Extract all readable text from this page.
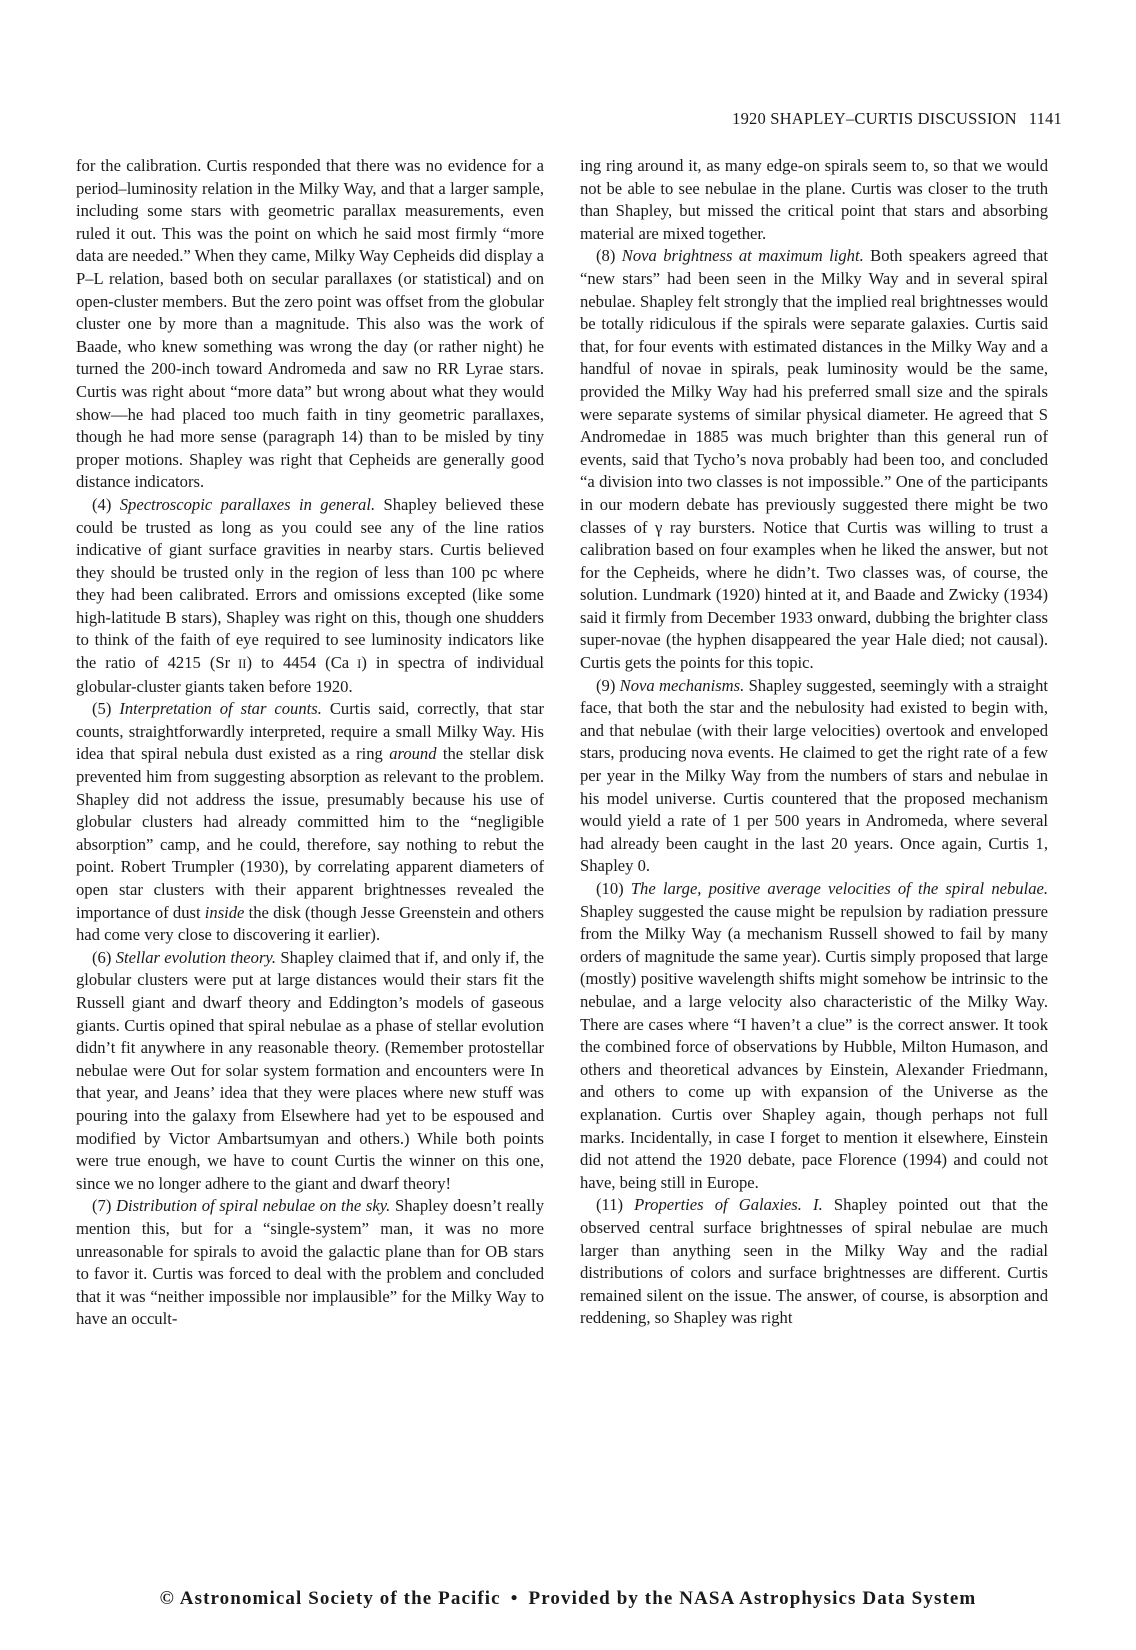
1920 SHAPLEY–CURTIS DISCUSSION 1141

for the calibration. Curtis responded that there was no evidence for a period–luminosity relation in the Milky Way, and that a larger sample, including some stars with geometric parallax measurements, even ruled it out. This was the point on which he said most firmly “more data are needed.” When they came, Milky Way Cepheids did display a P–L relation, based both on secular parallaxes (or statistical) and on open-cluster members. But the zero point was offset from the globular cluster one by more than a magnitude. This also was the work of Baade, who knew something was wrong the day (or rather night) he turned the 200-inch toward Andromeda and saw no RR Lyrae stars. Curtis was right about “more data” but wrong about what they would show—he had placed too much faith in tiny geometric parallaxes, though he had more sense (paragraph 14) than to be misled by tiny proper motions. Shapley was right that Cepheids are generally good distance indicators.

(4) Spectroscopic parallaxes in general. Shapley believed these could be trusted as long as you could see any of the line ratios indicative of giant surface gravities in nearby stars. Curtis believed they should be trusted only in the region of less than 100 pc where they had been calibrated. Errors and omissions excepted (like some high-latitude B stars), Shapley was right on this, though one shudders to think of the faith of eye required to see luminosity indicators like the ratio of 4215 (Sr II) to 4454 (Ca I) in spectra of individual globular-cluster giants taken before 1920.

(5) Interpretation of star counts. Curtis said, correctly, that star counts, straightforwardly interpreted, require a small Milky Way. His idea that spiral nebula dust existed as a ring around the stellar disk prevented him from suggesting absorption as relevant to the problem. Shapley did not address the issue, presumably because his use of globular clusters had already committed him to the “negligible absorption” camp, and he could, therefore, say nothing to rebut the point. Robert Trumpler (1930), by correlating apparent diameters of open star clusters with their apparent brightnesses revealed the importance of dust inside the disk (though Jesse Greenstein and others had come very close to discovering it earlier).

(6) Stellar evolution theory. Shapley claimed that if, and only if, the globular clusters were put at large distances would their stars fit the Russell giant and dwarf theory and Eddington’s models of gaseous giants. Curtis opined that spiral nebulae as a phase of stellar evolution didn’t fit anywhere in any reasonable theory. (Remember protostellar nebulae were Out for solar system formation and encounters were In that year, and Jeans’ idea that they were places where new stuff was pouring into the galaxy from Elsewhere had yet to be espoused and modified by Victor Ambartsumyan and others.) While both points were true enough, we have to count Curtis the winner on this one, since we no longer adhere to the giant and dwarf theory!

(7) Distribution of spiral nebulae on the sky. Shapley doesn’t really mention this, but for a “single-system” man, it was no more unreasonable for spirals to avoid the galactic plane than for OB stars to favor it. Curtis was forced to deal with the problem and concluded that it was “neither impossible nor implausible” for the Milky Way to have an occult-

ing ring around it, as many edge-on spirals seem to, so that we would not be able to see nebulae in the plane. Curtis was closer to the truth than Shapley, but missed the critical point that stars and absorbing material are mixed together.

(8) Nova brightness at maximum light. Both speakers agreed that “new stars” had been seen in the Milky Way and in several spiral nebulae. Shapley felt strongly that the implied real brightnesses would be totally ridiculous if the spirals were separate galaxies. Curtis said that, for four events with estimated distances in the Milky Way and a handful of novae in spirals, peak luminosity would be the same, provided the Milky Way had his preferred small size and the spirals were separate systems of similar physical diameter. He agreed that S Andromedae in 1885 was much brighter than this general run of events, said that Tycho’s nova probably had been too, and concluded “a division into two classes is not impossible.” One of the participants in our modern debate has previously suggested there might be two classes of γ ray bursters. Notice that Curtis was willing to trust a calibration based on four examples when he liked the answer, but not for the Cepheids, where he didn’t. Two classes was, of course, the solution. Lundmark (1920) hinted at it, and Baade and Zwicky (1934) said it firmly from December 1933 onward, dubbing the brighter class super-novae (the hyphen disappeared the year Hale died; not causal). Curtis gets the points for this topic.

(9) Nova mechanisms. Shapley suggested, seemingly with a straight face, that both the star and the nebulosity had existed to begin with, and that nebulae (with their large velocities) overtook and enveloped stars, producing nova events. He claimed to get the right rate of a few per year in the Milky Way from the numbers of stars and nebulae in his model universe. Curtis countered that the proposed mechanism would yield a rate of 1 per 500 years in Andromeda, where several had already been caught in the last 20 years. Once again, Curtis 1, Shapley 0.

(10) The large, positive average velocities of the spiral nebulae. Shapley suggested the cause might be repulsion by radiation pressure from the Milky Way (a mechanism Russell showed to fail by many orders of magnitude the same year). Curtis simply proposed that large (mostly) positive wavelength shifts might somehow be intrinsic to the nebulae, and a large velocity also characteristic of the Milky Way. There are cases where “I haven’t a clue” is the correct answer. It took the combined force of observations by Hubble, Milton Humason, and others and theoretical advances by Einstein, Alexander Friedmann, and others to come up with expansion of the Universe as the explanation. Curtis over Shapley again, though perhaps not full marks. Incidentally, in case I forget to mention it elsewhere, Einstein did not attend the 1920 debate, pace Florence (1994) and could not have, being still in Europe.

(11) Properties of Galaxies. I. Shapley pointed out that the observed central surface brightnesses of spiral nebulae are much larger than anything seen in the Milky Way and the radial distributions of colors and surface brightnesses are different. Curtis remained silent on the issue. The answer, of course, is absorption and reddening, so Shapley was right

© Astronomical Society of the Pacific • Provided by the NASA Astrophysics Data System
